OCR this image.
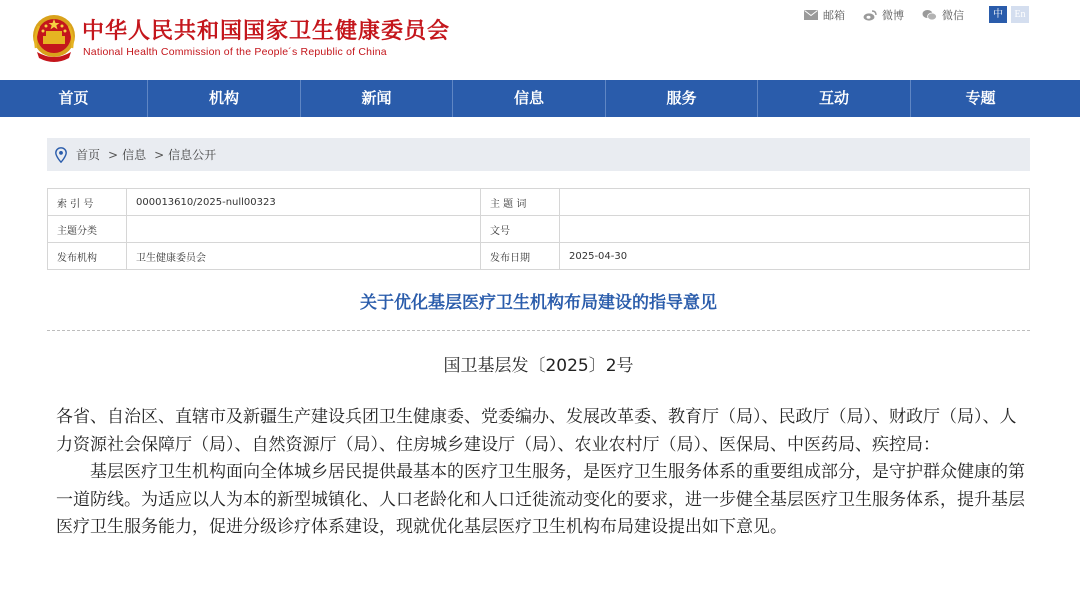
中华人民共和国国家卫生健康委员会
National Health Commission of the People´s Republic of China
邮箱	微博	微信	中	En
首页	机构	新闻	信息	服务	互动	专题
首页 > 信息 > 信息公开
索 引 号	000013610/2025-null00323	主 题 词	
主题分类		文号	
发布机构	卫生健康委员会	发布日期	2025-04-30
关于优化基层医疗卫生机构布局建设的指导意见
国卫基层发〔2025〕2号

各省、自治区、直辖市及新疆生产建设兵团卫生健康委、党委编办、发展改革委、教育厅（局）、民政厅（局）、财政厅（局）、人力资源社会保障厅（局）、自然资源厅（局）、住房城乡建设厅（局）、农业农村厅（局）、医保局、中医药局、疾控局：

基层医疗卫生机构面向全体城乡居民提供最基本的医疗卫生服务，是医疗卫生服务体系的重要组成部分，是守护群众健康的第一道防线。为适应以人为本的新型城镇化、人口老龄化和人口迁徙流动变化的要求，进一步健全基层医疗卫生服务体系，提升基层医疗卫生服务能力，促进分级诊疗体系建设，现就优化基层医疗卫生机构布局建设提出如下意见。
